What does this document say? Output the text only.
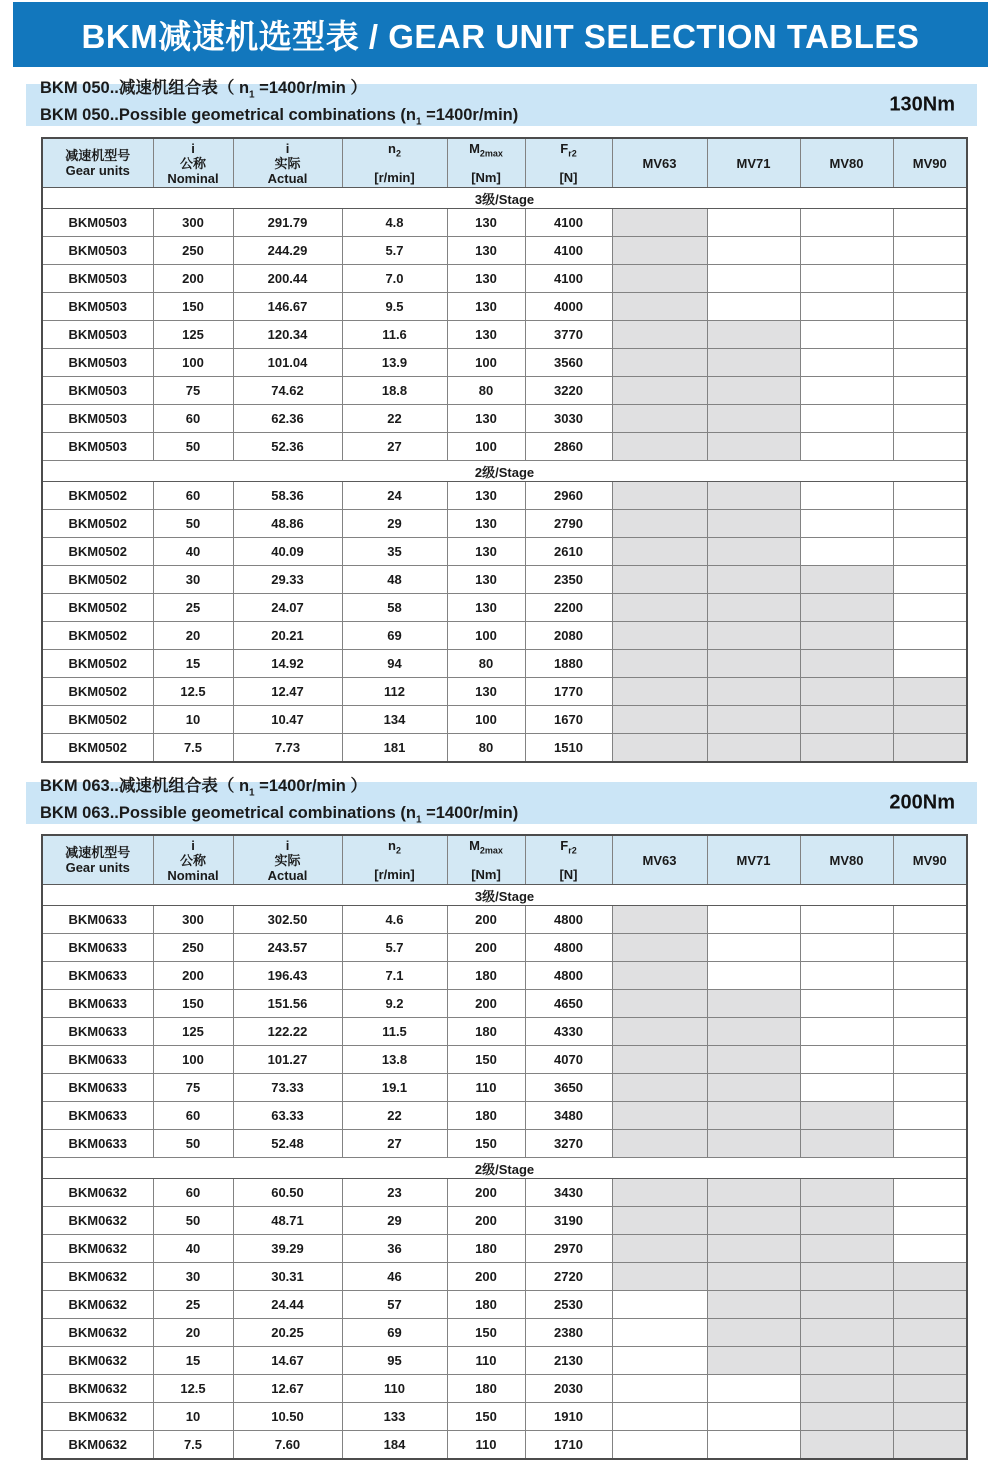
BKM减速机选型表 / GEAR UNIT SELECTION TABLES
BKM 050..减速机组合表（ $n_1 =1400r/\min$ ）
BKM 050..Possible geometrical combinations $(n_1 =1400r/\min)$	130Nm
减速机型号
Gear units

i
公称
Nominal

i
实际
Actual

$n_2$
[r/min]

$M_{2max}$
[Nm]

$F_{r2}$
[N]
	MV63	MV71	MV80	MV90
3级/Stage									
BKM0503	300	291.79	4.8	130	4100				
BKM0503	250	244.29	5.7	130	4100				
BKM0503	200	200.44	7.0	130	4100				
BKM0503	150	146.67	9.5	130	4000				
BKM0503	125	120.34	11.6	130	3770				
BKM0503	100	101.04	13.9	100	3560				
BKM0503	75	74.62	18.8	80	3220				
BKM0503	60	62.36	22	130	3030				
BKM0503	50	52.36	27	100	2860				
2级/Stage									
BKM0502	60	58.36	24	130	2960				
BKM0502	50	48.86	29	130	2790				
BKM0502	40	40.09	35	130	2610				
BKM0502	30	29.33	48	130	2350				
BKM0502	25	24.07	58	130	2200				
BKM0502	20	20.21	69	100	2080				
BKM0502	15	14.92	94	80	1880				
BKM0502	12.5	12.47	112	130	1770				
BKM0502	10	10.47	134	100	1670				
BKM0502	7.5	7.73	181	80	1510				
BKM 063..减速机组合表（ $n_1 =1400r/\min$ ）
BKM 063..Possible geometrical combinations $(n_1 =1400r/\min)$	200Nm
减速机型号
Gear units

i
公称
Nominal

i
实际
Actual

$n_2$
[r/min]

$M_{2max}$
[Nm]

$F_{r2}$
[N]
	MV63	MV71	MV80	MV90
3级/Stage									
BKM0633	300	302.50	4.6	200	4800				
BKM0633	250	243.57	5.7	200	4800				
BKM0633	200	196.43	7.1	180	4800				
BKM0633	150	151.56	9.2	200	4650				
BKM0633	125	122.22	11.5	180	4330				
BKM0633	100	101.27	13.8	150	4070				
BKM0633	75	73.33	19.1	110	3650				
BKM0633	60	63.33	22	180	3480				
BKM0633	50	52.48	27	150	3270				
2级/Stage									
BKM0632	60	60.50	23	200	3430				
BKM0632	50	48.71	29	200	3190				
BKM0632	40	39.29	36	180	2970				
BKM0632	30	30.31	46	200	2720				
BKM0632	25	24.44	57	180	2530				
BKM0632	20	20.25	69	150	2380				
BKM0632	15	14.67	95	110	2130				
BKM0632	12.5	12.67	110	180	2030				
BKM0632	10	10.50	133	150	1910				
BKM0632	7.5	7.60	184	110	1710				
